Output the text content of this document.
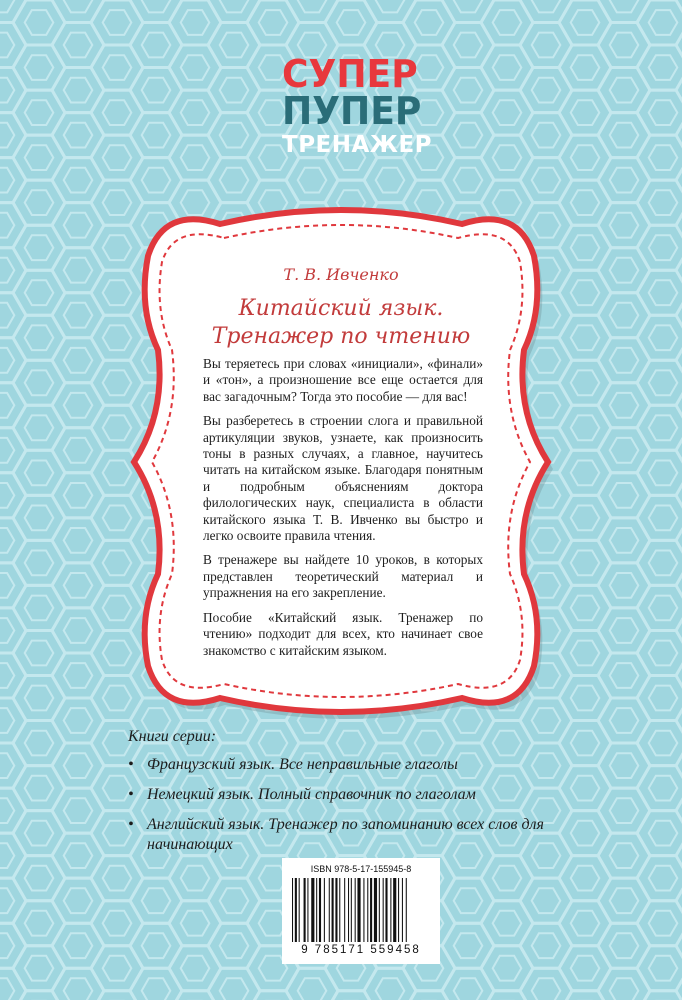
СУПЕР
ПУПЕР
ТРЕНАЖЕР
Т. В. Ивченко
Китайский язык.
Тренажер по чтению

Вы теряетесь при словах «инициали», «финали» и «тон», а произношение все еще остается для вас загадочным? Тогда это пособие — для вас!

Вы разберетесь в строении слога и правильной артикуляции звуков, узнаете, как произносить тоны в разных случаях, а главное, научитесь читать на китайском языке. Благодаря понятным и подробным объяснениям доктора филологических наук, специалиста в области китайского языка Т. В. Ивченко вы быстро и легко освоите правила чтения.

В тренажере вы найдете 10 уроков, в которых представлен теоретический материал и упражнения на его закрепление.

Пособие «Китайский язык. Тренажер по чтению» подходит для всех, кто начинает свое знакомство с китайским языком.

Книги серии:
• Французский язык. Все неправильные глаголы
• Немецкий язык. Полный справочник по глаголам
• Английский язык. Тренажер по запоминанию всех слов для начинающих
ISBN 978-5-17-155945-8
9 785171 559458
